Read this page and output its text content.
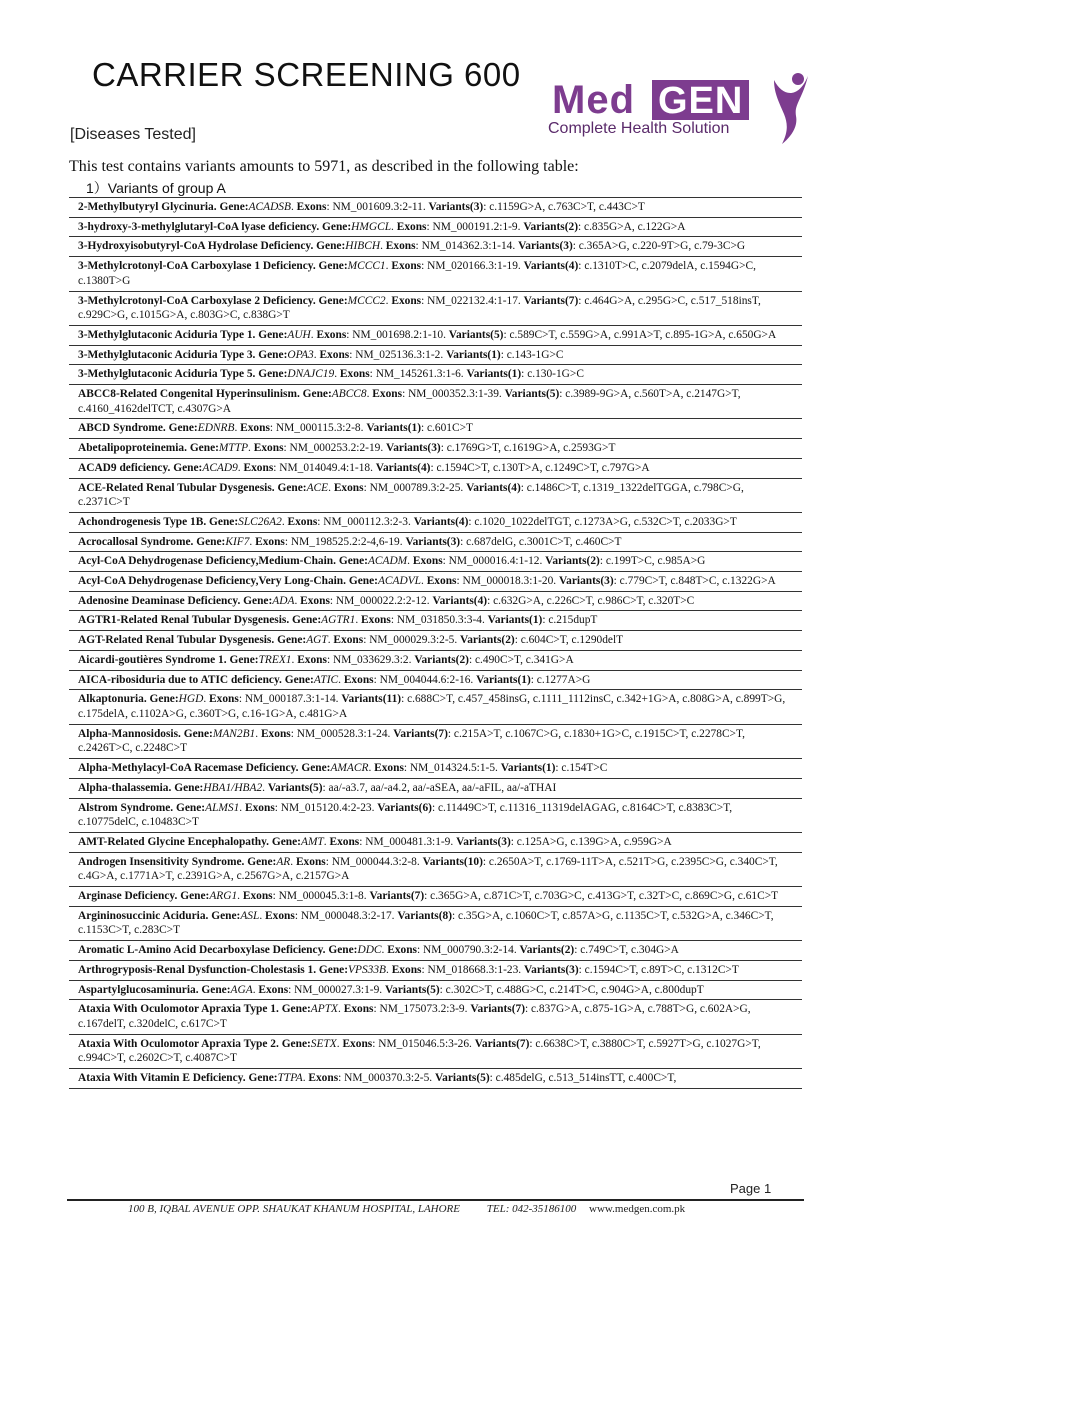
CARRIER SCREENING 600
[Diseases Tested]
Med GEN
Complete Health Solution
This test contains variants amounts to 5971, as described in the following table:
1）Variants of group A
2-Methylbutyryl Glycinuria. Gene:ACADSB. Exons: NM_001609.3:2-11. Variants(3): c.1159G>A, c.763C>T, c.443C>T
3-hydroxy-3-methylglutaryl-CoA lyase deficiency. Gene:HMGCL. Exons: NM_000191.2:1-9. Variants(2): c.835G>A, c.122G>A
3-Hydroxyisobutyryl-CoA Hydrolase Deficiency. Gene:HIBCH. Exons: NM_014362.3:1-14. Variants(3): c.365A>G, c.220-9T>G, c.79-3C>G
3-Methylcrotonyl-CoA Carboxylase 1 Deficiency. Gene:MCCC1. Exons: NM_020166.3:1-19. Variants(4): c.1310T>C, c.2079delA, c.1594G>C, c.1380T>G
3-Methylcrotonyl-CoA Carboxylase 2 Deficiency. Gene:MCCC2. Exons: NM_022132.4:1-17. Variants(7): c.464G>A, c.295G>C, c.517_518insT, c.929C>G, c.1015G>A, c.803G>C, c.838G>T
3-Methylglutaconic Aciduria Type 1. Gene:AUH. Exons: NM_001698.2:1-10. Variants(5): c.589C>T, c.559G>A, c.991A>T, c.895-1G>A, c.650G>A
3-Methylglutaconic Aciduria Type 3. Gene:OPA3. Exons: NM_025136.3:1-2. Variants(1): c.143-1G>C
3-Methylglutaconic Aciduria Type 5. Gene:DNAJC19. Exons: NM_145261.3:1-6. Variants(1): c.130-1G>C
ABCC8-Related Congenital Hyperinsulinism. Gene:ABCC8. Exons: NM_000352.3:1-39. Variants(5): c.3989-9G>A, c.560T>A, c.2147G>T, c.4160_4162delTCT, c.4307G>A
ABCD Syndrome. Gene:EDNRB. Exons: NM_000115.3:2-8. Variants(1): c.601C>T
Abetalipoproteinemia. Gene:MTTP. Exons: NM_000253.2:2-19. Variants(3): c.1769G>T, c.1619G>A, c.2593G>T
ACAD9 deficiency. Gene:ACAD9. Exons: NM_014049.4:1-18. Variants(4): c.1594C>T, c.130T>A, c.1249C>T, c.797G>A
ACE-Related Renal Tubular Dysgenesis. Gene:ACE. Exons: NM_000789.3:2-25. Variants(4): c.1486C>T, c.1319_1322delTGGA, c.798C>G, c.2371C>T
Achondrogenesis Type 1B. Gene:SLC26A2. Exons: NM_000112.3:2-3. Variants(4): c.1020_1022delTGT, c.1273A>G, c.532C>T, c.2033G>T
Acrocallosal Syndrome. Gene:KIF7. Exons: NM_198525.2:2-4,6-19. Variants(3): c.687delG, c.3001C>T, c.460C>T
Acyl-CoA Dehydrogenase Deficiency,Medium-Chain. Gene:ACADM. Exons: NM_000016.4:1-12. Variants(2): c.199T>C, c.985A>G
Acyl-CoA Dehydrogenase Deficiency,Very Long-Chain. Gene:ACADVL. Exons: NM_000018.3:1-20. Variants(3): c.779C>T, c.848T>C, c.1322G>A
Adenosine Deaminase Deficiency. Gene:ADA. Exons: NM_000022.2:2-12. Variants(4): c.632G>A, c.226C>T, c.986C>T, c.320T>C
AGTR1-Related Renal Tubular Dysgenesis. Gene:AGTR1. Exons: NM_031850.3:3-4. Variants(1): c.215dupT
AGT-Related Renal Tubular Dysgenesis. Gene:AGT. Exons: NM_000029.3:2-5. Variants(2): c.604C>T, c.1290delT
Aicardi-goutières Syndrome 1. Gene:TREX1. Exons: NM_033629.3:2. Variants(2): c.490C>T, c.341G>A
AICA-ribosiduria due to ATIC deficiency. Gene:ATIC. Exons: NM_004044.6:2-16. Variants(1): c.1277A>G
Alkaptonuria. Gene:HGD. Exons: NM_000187.3:1-14. Variants(11): c.688C>T, c.457_458insG, c.1111_1112insC, c.342+1G>A, c.808G>A, c.899T>G, c.175delA, c.1102A>G, c.360T>G, c.16-1G>A, c.481G>A
Alpha-Mannosidosis. Gene:MAN2B1. Exons: NM_000528.3:1-24. Variants(7): c.215A>T, c.1067C>G, c.1830+1G>C, c.1915C>T, c.2278C>T, c.2426T>C, c.2248C>T
Alpha-Methylacyl-CoA Racemase Deficiency. Gene:AMACR. Exons: NM_014324.5:1-5. Variants(1): c.154T>C
Alpha-thalassemia. Gene:HBA1/HBA2. Variants(5): aa/-a3.7, aa/-a4.2, aa/-aSEA, aa/-aFIL, aa/-aTHAI
Alstrom Syndrome. Gene:ALMS1. Exons: NM_015120.4:2-23. Variants(6): c.11449C>T, c.11316_11319delAGAG, c.8164C>T, c.8383C>T, c.10775delC, c.10483C>T
AMT-Related Glycine Encephalopathy. Gene:AMT. Exons: NM_000481.3:1-9. Variants(3): c.125A>G, c.139G>A, c.959G>A
Androgen Insensitivity Syndrome. Gene:AR. Exons: NM_000044.3:2-8. Variants(10): c.2650A>T, c.1769-11T>A, c.521T>G, c.2395C>G, c.340C>T, c.4G>A, c.1771A>T, c.2391G>A, c.2567G>A, c.2157G>A
Arginase Deficiency. Gene:ARG1. Exons: NM_000045.3:1-8. Variants(7): c.365G>A, c.871C>T, c.703G>C, c.413G>T, c.32T>C, c.869C>G, c.61C>T
Argininosuccinic Aciduria. Gene:ASL. Exons: NM_000048.3:2-17. Variants(8): c.35G>A, c.1060C>T, c.857A>G, c.1135C>T, c.532G>A, c.346C>T, c.1153C>T, c.283C>T
Aromatic L-Amino Acid Decarboxylase Deficiency. Gene:DDC. Exons: NM_000790.3:2-14. Variants(2): c.749C>T, c.304G>A
Arthrogryposis-Renal Dysfunction-Cholestasis 1. Gene:VPS33B. Exons: NM_018668.3:1-23. Variants(3): c.1594C>T, c.89T>C, c.1312C>T
Aspartylglucosaminuria. Gene:AGA. Exons: NM_000027.3:1-9. Variants(5): c.302C>T, c.488G>C, c.214T>C, c.904G>A, c.800dupT
Ataxia With Oculomotor Apraxia Type 1. Gene:APTX. Exons: NM_175073.2:3-9. Variants(7): c.837G>A, c.875-1G>A, c.788T>G, c.602A>G, c.167delT, c.320delC, c.617C>T
Ataxia With Oculomotor Apraxia Type 2. Gene:SETX. Exons: NM_015046.5:3-26. Variants(7): c.6638C>T, c.3880C>T, c.5927T>G, c.1027G>T, c.994C>T, c.2602C>T, c.4087C>T
Ataxia With Vitamin E Deficiency. Gene:TTPA. Exons: NM_000370.3:2-5. Variants(5): c.485delG, c.513_514insTT, c.400C>T,
Page 1
100 B, IQBAL AVENUE OPP. SHAUKAT KHANUM HOSPITAL, LAHORE TEL: 042-35186100 www.medgen.com.pk
